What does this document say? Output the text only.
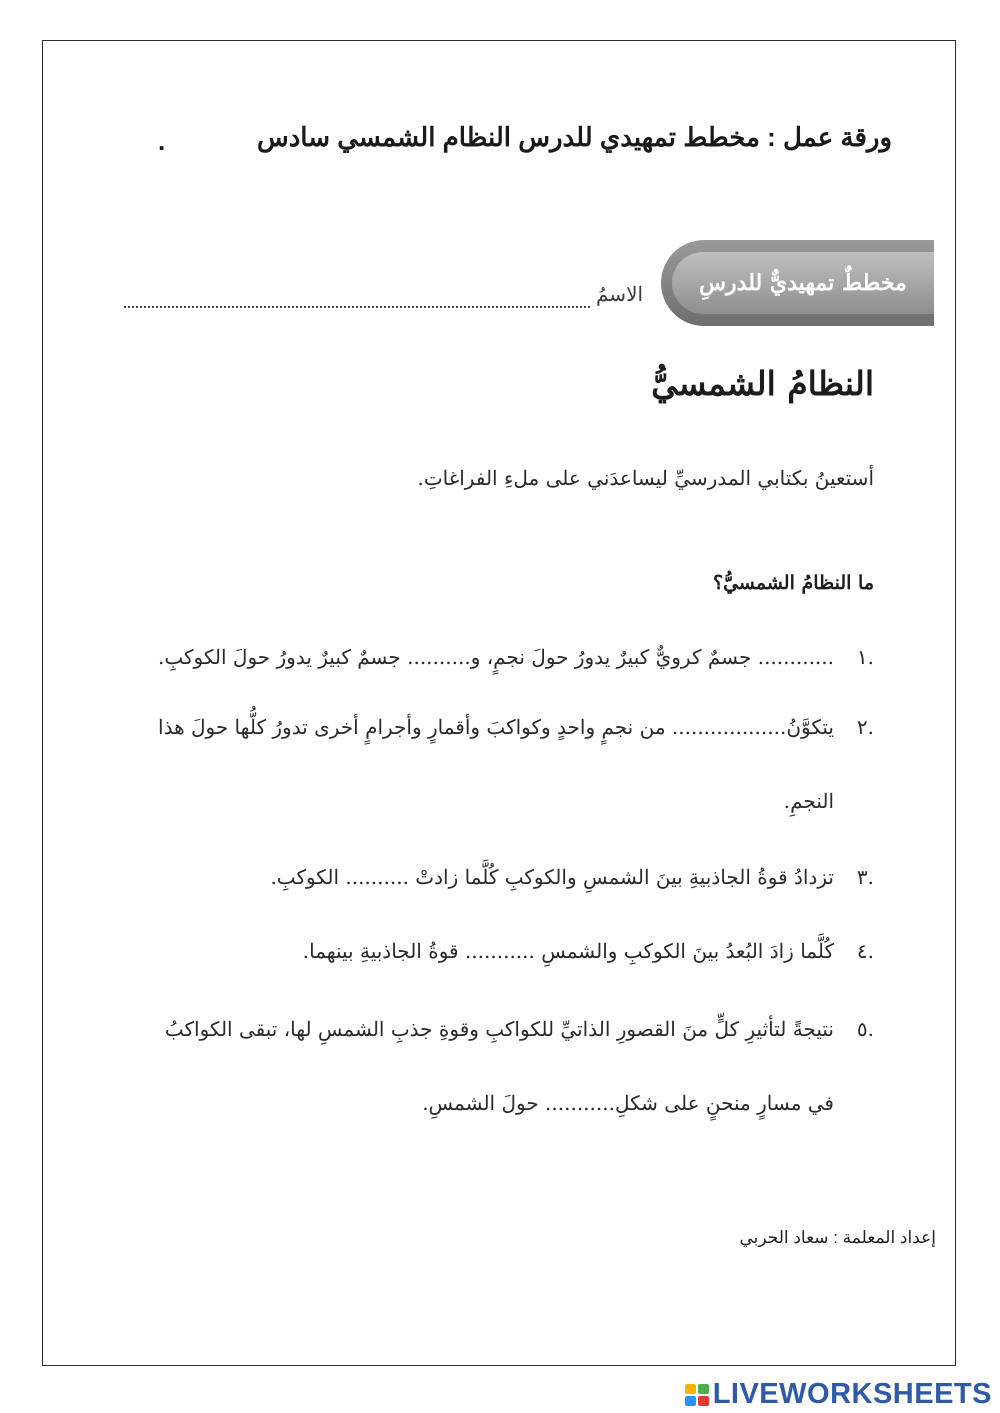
ورقة عمل : مخطط تمهيدي للدرس النظام الشمسي سادس
.
مخططٌ تمهيديٌّ للدرسِ
الاسمُ
النظامُ الشمسيُّ
أستعينُ بكتابي المدرسيِّ ليساعدَني على ملءِ الفراغاتِ.
ما النظامُ الشمسيُّ؟
.١
............ جسمٌ كرويٌّ كبيرٌ يدورُ حولَ نجمٍ، و.......... جسمٌ كبيرٌ يدورُ حولَ الكوكبِ.
.٢
يتكوَّنُ.................. من نجمٍ واحدٍ وكواكبَ وأقمارٍ وأجرامٍ أخرى تدورُ كلُّها حولَ هذا النجمِ.
.٣
تزدادُ قوةُ الجاذبيةِ بينَ الشمسِ والكوكبِ كُلَّما زادتْ .......... الكوكبِ.
.٤
كُلَّما زادَ البُعدُ بينَ الكوكبِ والشمسِ ........... قوةُ الجاذبيةِ بينهما.
.٥
نتيجةً لتأثيرِ كلٍّ منَ القصورِ الذاتيِّ للكواكبِ وقوةِ جذبِ الشمسِ لها، تبقى الكواكبُ في مسارٍ منحنٍ على شكلِ........... حولَ الشمسِ.
إعداد المعلمة : سعاد الحربي
LIVEWORKSHEETS
